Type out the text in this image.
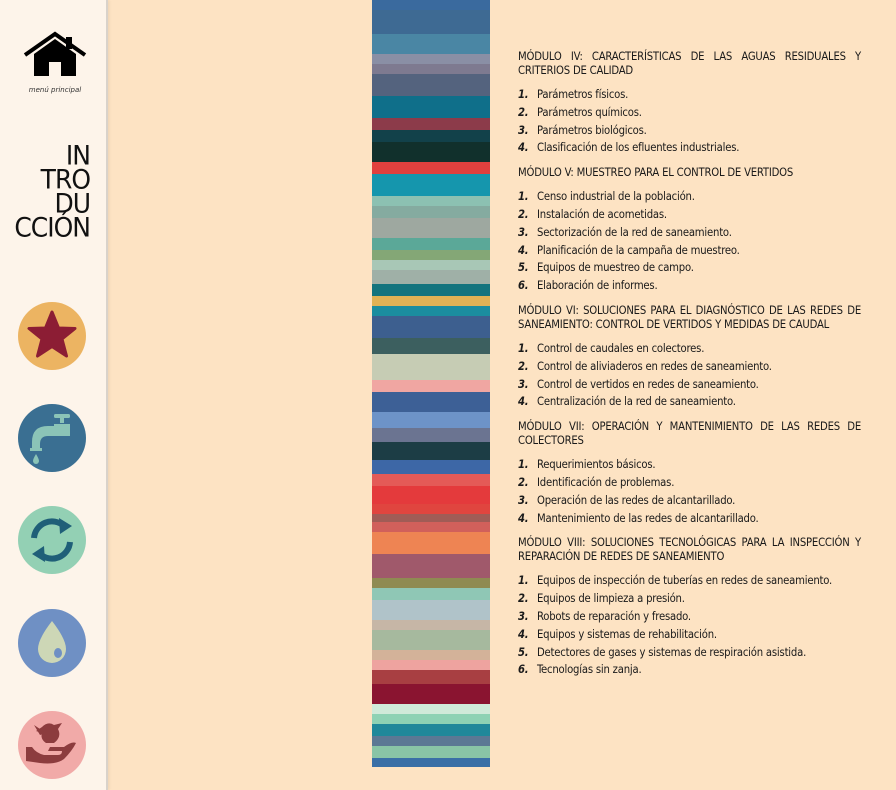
menú principal
IN
TRO
DU
CCIÓN
MÓDULO IV: CARACTERÍSTICAS DE LAS AGUAS RESIDUALES Y CRITERIOS DE CALIDAD
1. Parámetros físicos.
2. Parámetros químicos.
3. Parámetros biológicos.
4. Clasificación de los efluentes industriales.
MÓDULO V: MUESTREO PARA EL CONTROL DE VERTIDOS
1. Censo industrial de la población.
2. Instalación de acometidas.
3. Sectorización de la red de saneamiento.
4. Planificación de la campaña de muestreo.
5. Equipos de muestreo de campo.
6. Elaboración de informes.
MÓDULO VI: SOLUCIONES PARA EL DIAGNÓSTICO DE LAS REDES DE SANEAMIENTO: CONTROL DE VERTIDOS Y MEDIDAS DE CAUDAL
1. Control de caudales en colectores.
2. Control de aliviaderos en redes de saneamiento.
3. Control de vertidos en redes de saneamiento.
4. Centralización de la red de saneamiento.
MÓDULO VII: OPERACIÓN Y MANTENIMIENTO DE LAS REDES DE COLECTORES
1. Requerimientos básicos.
2. Identificación de problemas.
3. Operación de las redes de alcantarillado.
4. Mantenimiento de las redes de alcantarillado.
MÓDULO VIII: SOLUCIONES TECNOLÓGICAS PARA LA INSPECCIÓN Y REPARACIÓN DE REDES DE SANEAMIENTO
1. Equipos de inspección de tuberías en redes de saneamiento.
2. Equipos de limpieza a presión.
3. Robots de reparación y fresado.
4. Equipos y sistemas de rehabilitación.
5. Detectores de gases y sistemas de respiración asistida.
6. Tecnologías sin zanja.
